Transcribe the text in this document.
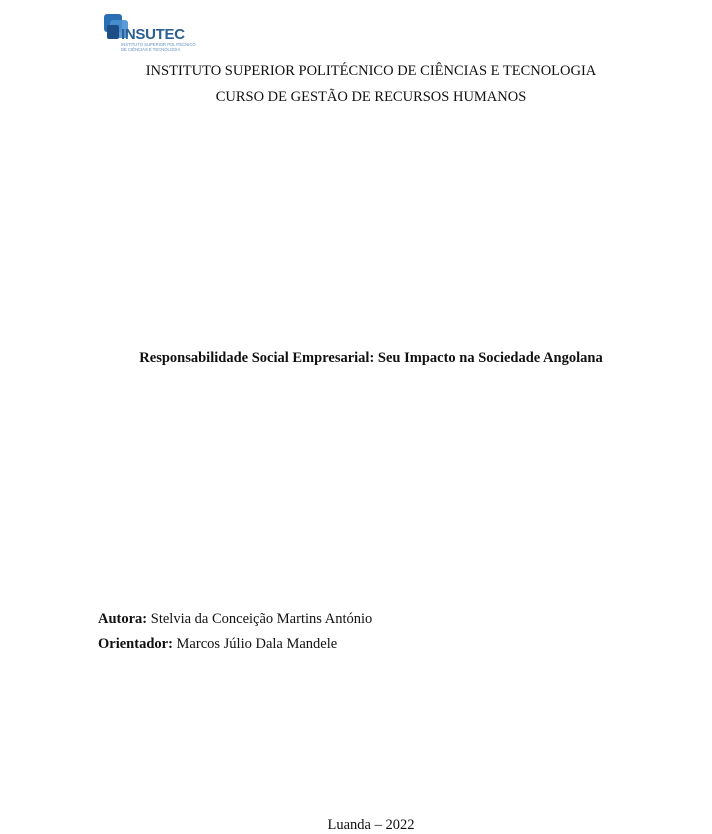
INSUTEC
INSTITUTO SUPERIOR POLITÉCNICO
DE CIÊNCIAS E TECNOLOGIA
INSTITUTO SUPERIOR POLITÉCNICO DE CIÊNCIAS E TECNOLOGIA
CURSO DE GESTÃO DE RECURSOS HUMANOS
Responsabilidade Social Empresarial: Seu Impacto na Sociedade Angolana
Autora: Stelvia da Conceição Martins António
Orientador: Marcos Júlio Dala Mandele
Luanda – 2022
